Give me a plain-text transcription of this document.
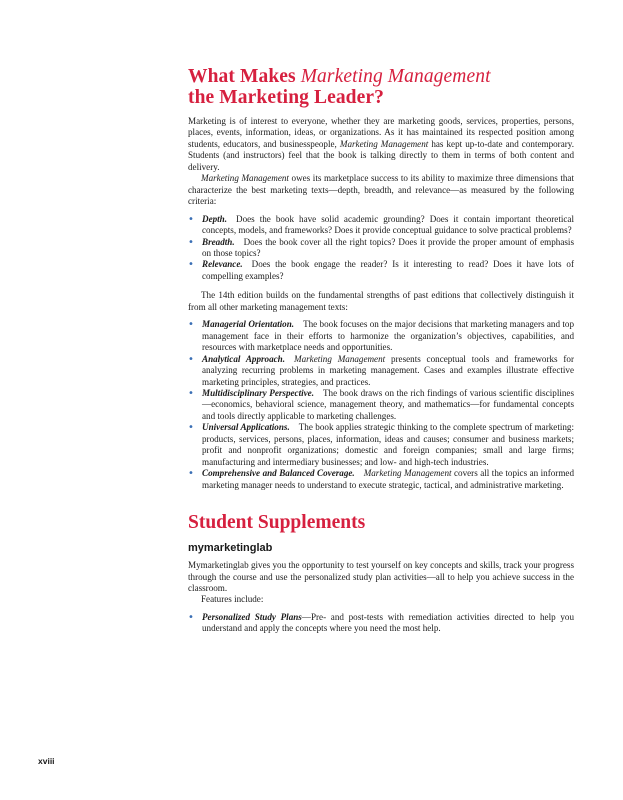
What Makes Marketing Management
the Marketing Leader?

Marketing is of interest to everyone, whether they are marketing goods, services, properties, persons, places, events, information, ideas, or organizations. As it has maintained its respected position among students, educators, and businesspeople, Marketing Management has kept up-to-date and contemporary. Students (and instructors) feel that the book is talking directly to them in terms of both content and delivery.

Marketing Management owes its marketplace success to its ability to maximize three dimensions that characterize the best marketing texts—depth, breadth, and relevance—as measured by the following criteria:

• Depth. Does the book have solid academic grounding? Does it contain important theoretical concepts, models, and frameworks? Does it provide conceptual guidance to solve practical problems?
• Breadth. Does the book cover all the right topics? Does it provide the proper amount of emphasis on those topics?
• Relevance. Does the book engage the reader? Is it interesting to read? Does it have lots of compelling examples?

The 14th edition builds on the fundamental strengths of past editions that collectively distinguish it from all other marketing management texts:

• Managerial Orientation. The book focuses on the major decisions that marketing managers and top management face in their efforts to harmonize the organization’s objectives, capabilities, and resources with marketplace needs and opportunities.
• Analytical Approach. Marketing Management presents conceptual tools and frameworks for analyzing recurring problems in marketing management. Cases and examples illustrate effective marketing principles, strategies, and practices.
• Multidisciplinary Perspective. The book draws on the rich findings of various scientific disciplines—economics, behavioral science, management theory, and mathematics—for fundamental concepts and tools directly applicable to marketing challenges.
• Universal Applications. The book applies strategic thinking to the complete spectrum of marketing: products, services, persons, places, information, ideas and causes; consumer and business markets; profit and nonprofit organizations; domestic and foreign companies; small and large firms; manufacturing and intermediary businesses; and low- and high-tech industries.
• Comprehensive and Balanced Coverage. Marketing Management covers all the topics an informed marketing manager needs to understand to execute strategic, tactical, and administrative marketing.
Student Supplements
mymarketinglab

Mymarketinglab gives you the opportunity to test yourself on key concepts and skills, track your progress through the course and use the personalized study plan activities—all to help you achieve success in the classroom.

Features include:

• Personalized Study Plans—Pre- and post-tests with remediation activities directed to help you understand and apply the concepts where you need the most help.
xviii
